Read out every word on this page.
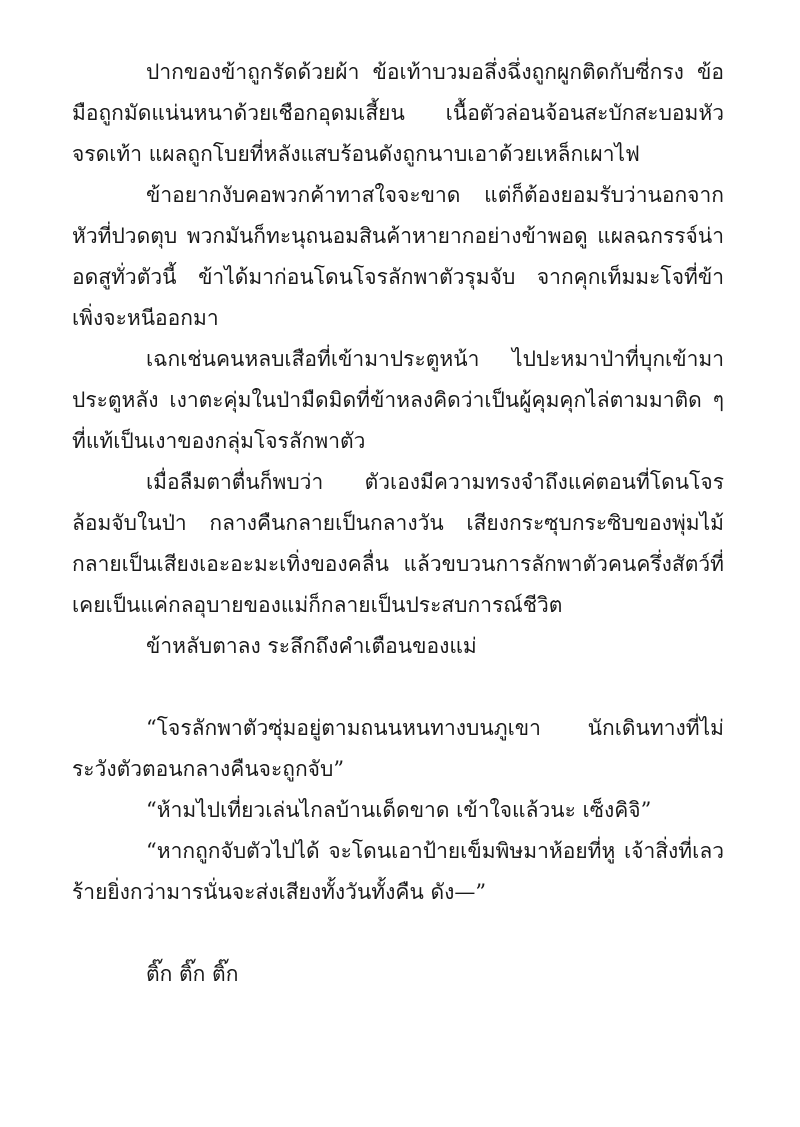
ปากของข้าถูกรัดด้วยผ้า ข้อเท้าบวมอลึ่งฉึ่งถูกผูกติดกับซี่กรง ข้อมือถูกมัดแน่นหนาด้วยเชือกอุดมเสี้ยน เนื้อตัวล่อนจ้อนสะบักสะบอมหัวจรดเท้า แผลถูกโบยที่หลังแสบร้อนดังถูกนาบเอาด้วยเหล็กเผาไฟ

ข้าอยากงับคอพวกค้าทาสใจจะขาด แต่ก็ต้องยอมรับว่านอกจากหัวที่ปวดตุบ พวกมันก็ทะนุถนอมสินค้าหายากอย่างข้าพอดู แผลฉกรรจ์น่าอดสูทั่วตัวนี้ ข้าได้มาก่อนโดนโจรลักพาตัวรุมจับ จากคุกเท็มมะโจที่ข้าเพิ่งจะหนีออกมา

เฉกเช่นคนหลบเสือที่เข้ามาประตูหน้า ไปปะหมาป่าที่บุกเข้ามาประตูหลัง เงาตะคุ่มในป่ามืดมิดที่ข้าหลงคิดว่าเป็นผู้คุมคุกไล่ตามมาติด ๆ ที่แท้เป็นเงาของกลุ่มโจรลักพาตัว

เมื่อลืมตาตื่นก็พบว่า ตัวเองมีความทรงจำถึงแค่ตอนที่โดนโจรล้อมจับในป่า กลางคืนกลายเป็นกลางวัน เสียงกระซุบกระซิบของพุ่มไม้กลายเป็นเสียงเอะอะมะเทิ่งของคลื่น แล้วขบวนการลักพาตัวคนครึ่งสัตว์ที่เคยเป็นแค่กลอุบายของแม่ก็กลายเป็นประสบการณ์ชีวิต

ข้าหลับตาลง ระลึกถึงคำเตือนของแม่

“โจรลักพาตัวซุ่มอยู่ตามถนนหนทางบนภูเขา นักเดินทางที่ไม่ระวังตัวตอนกลางคืนจะถูกจับ”

“ห้ามไปเที่ยวเล่นไกลบ้านเด็ดขาด เข้าใจแล้วนะ เซ็งคิจิ”

“หากถูกจับตัวไปได้ จะโดนเอาป้ายเข็มพิษมาห้อยที่หู เจ้าสิ่งที่เลวร้ายยิ่งกว่ามารนั่นจะส่งเสียงทั้งวันทั้งคืน ดัง—”

ติ๊ก ติ๊ก ติ๊ก
